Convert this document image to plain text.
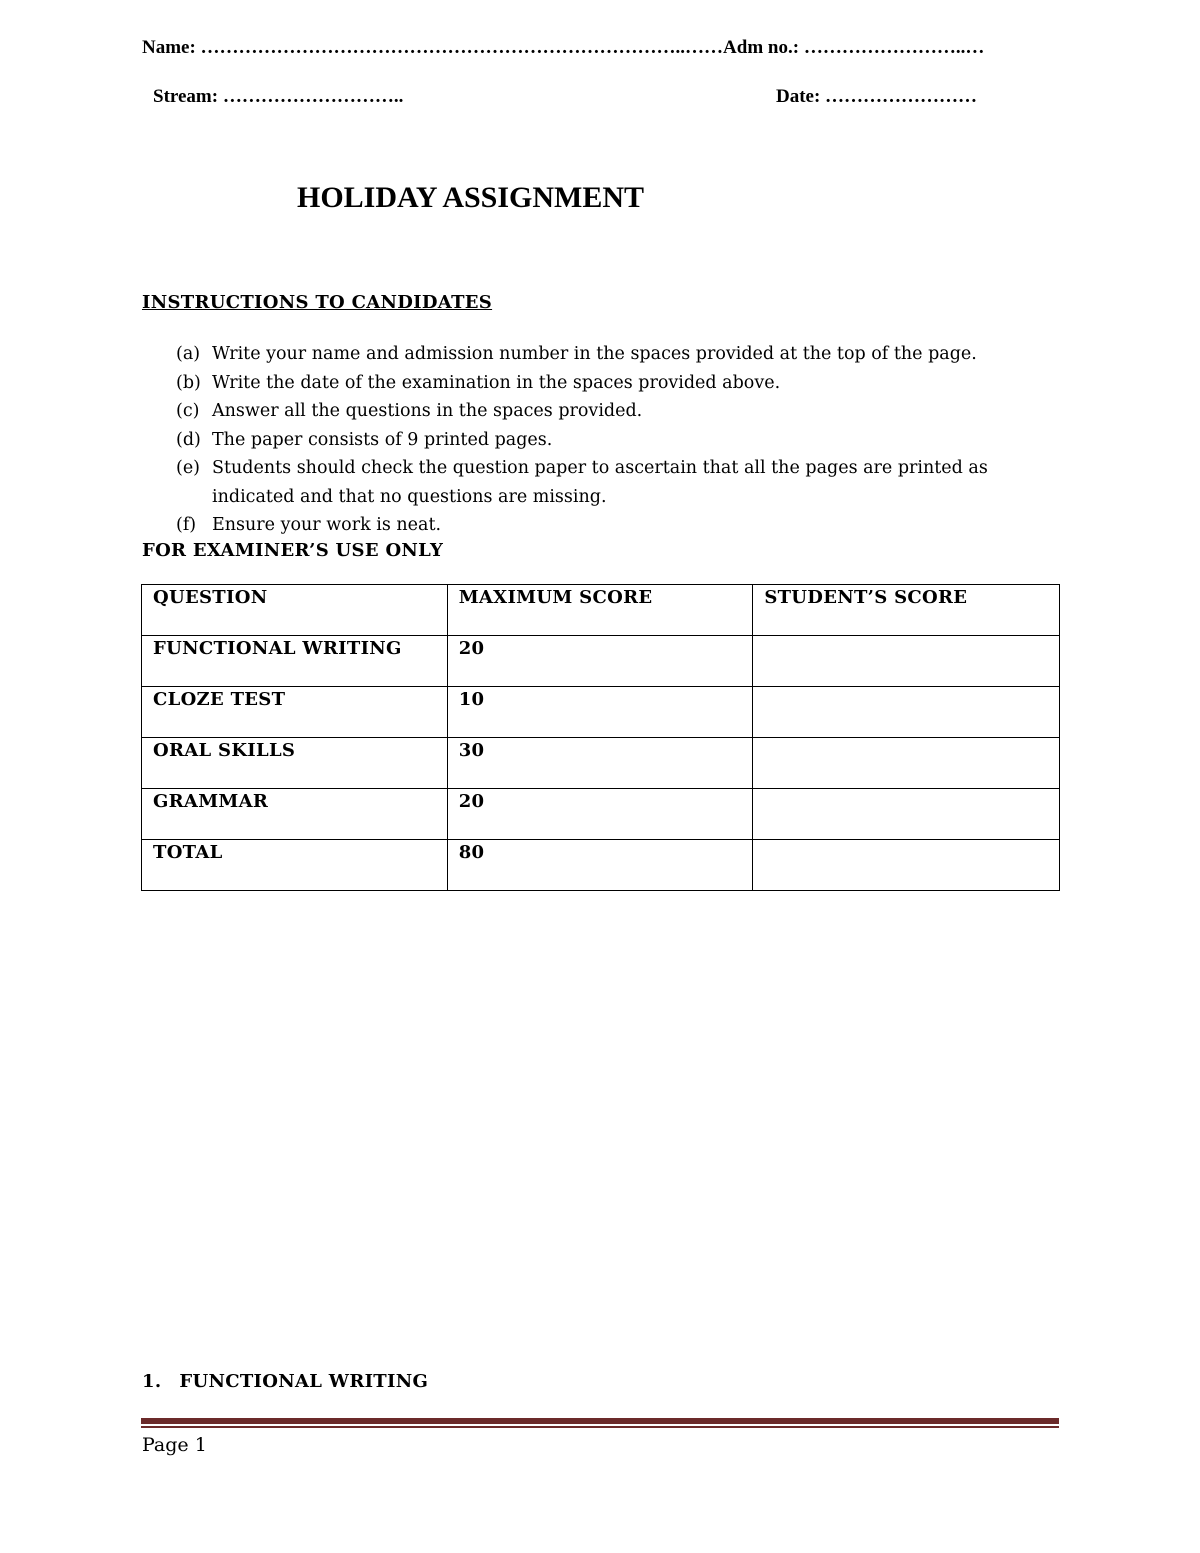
Name: …………………………………………………………………..……Adm no.: ……………………..…
Stream: ………………………..	Date: ……………………
HOLIDAY ASSIGNMENT
INSTRUCTIONS TO CANDIDATES
(a) Write your name and admission number in the spaces provided at the top of the page.
(b) Write the date of the examination in the spaces provided above.
(c) Answer all the questions in the spaces provided.
(d) The paper consists of 9 printed pages.
(e) Students should check the question paper to ascertain that all the pages are printed as indicated and that no questions are missing.
(f) Ensure your work is neat.
FOR EXAMINER’S USE ONLY
QUESTION	MAXIMUM SCORE	STUDENT’S SCORE
FUNCTIONAL WRITING	20	
CLOZE TEST	10	
ORAL SKILLS	30	
GRAMMAR	20	
TOTAL	80	
1. FUNCTIONAL WRITING
Page 1
